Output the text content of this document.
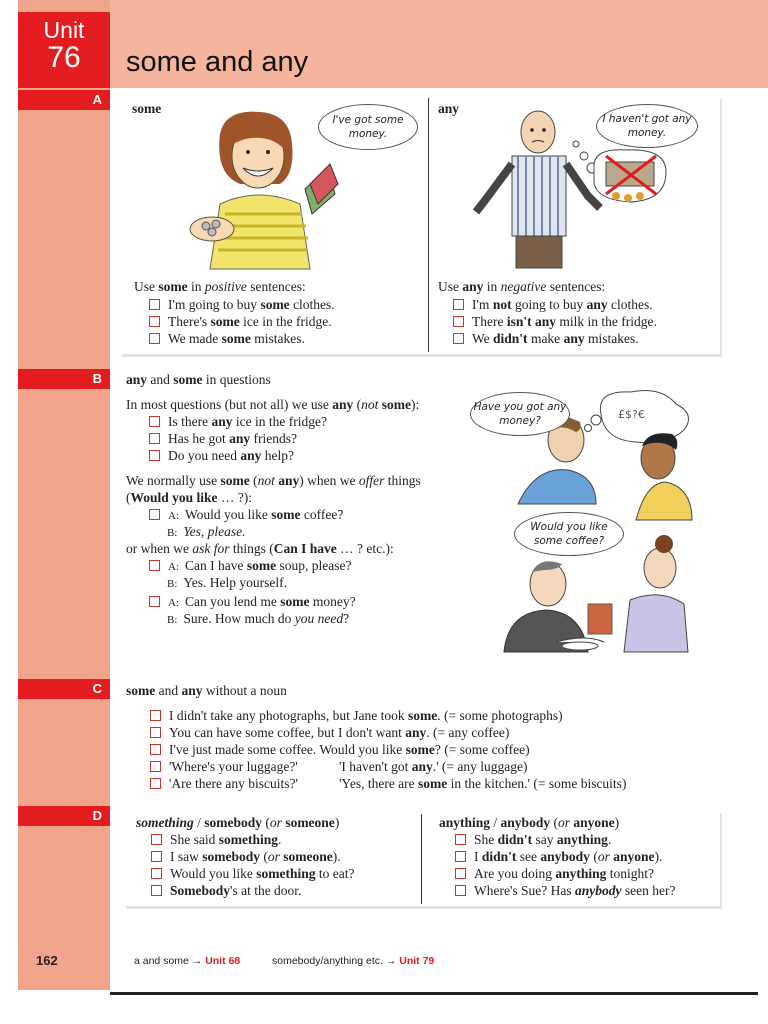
Unit
76	some and any
A
some
I've got some money.
Use some in positive sentences:
I'm going to buy some clothes.
There's some ice in the fridge.
We made some mistakes.
any
I haven't got any money.
Use any in negative sentences:
I'm not going to buy any clothes.
There isn't any milk in the fridge.
We didn't make any mistakes.
B	any and some in questions
In most questions (but not all) we use any (not some):
Is there any ice in the fridge?
Has he got any friends?
Do you need any help?
We normally use some (not any) when we offer things
(Would you like … ?):
A: Would you like some coffee?
B: Yes, please.
or when we ask for things (Can I have … ? etc.):
A: Can I have some soup, please?
B: Yes. Help yourself.
A: Can you lend me some money?
B: Sure. How much do you need?
£$?€
Have you got any money?
Would you like some coffee?
C	some and any without a noun
I didn't take any photographs, but Jane took some. (= some photographs)
You can have some coffee, but I don't want any. (= any coffee)
I've just made some coffee. Would you like some? (= some coffee)
'Where's your luggage?'	'I haven't got any.' (= any luggage)
'Are there any biscuits?'	'Yes, there are some in the kitchen.' (= some biscuits)
D	something / somebody (or someone)
She said something.
I saw somebody (or someone).
Would you like something to eat?
Somebody's at the door.
anything / anybody (or anyone)
She didn't say anything.
I didn't see anybody (or anyone).
Are you doing anything tonight?
Where's Sue? Has anybody seen her?
162	a and some → Unit 68	somebody/anything etc. → Unit 79
